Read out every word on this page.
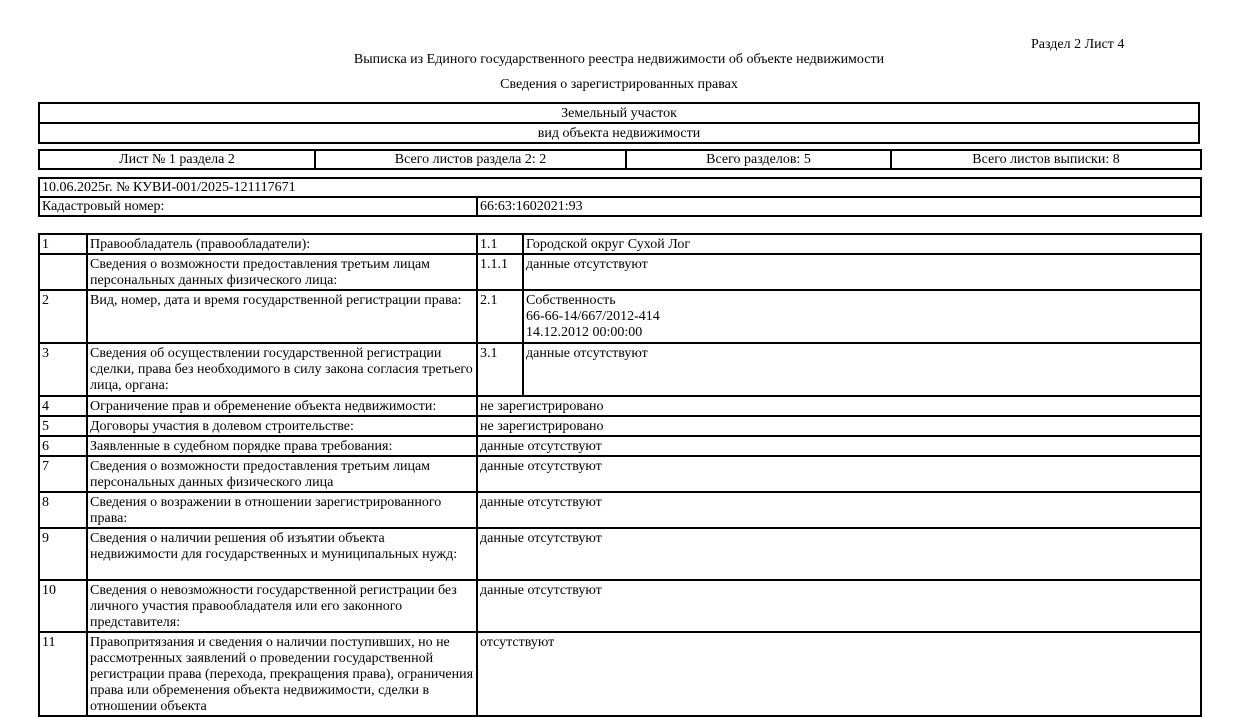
Раздел 2 Лист 4
Выписка из Единого государственного реестра недвижимости об объекте недвижимости
Сведения о зарегистрированных правах
Земельный участок
вид объекта недвижимости
Лист № 1 раздела 2	Всего листов раздела 2: 2	Всего разделов: 5	Всего листов выписки: 8
10.06.2025г. № КУВИ-001/2025-121117671
Кадастровый номер:	66:63:1602021:93
1	Правообладатель (правообладатели):	1.1	Городской округ Сухой Лог
	Сведения о возможности предоставления третьим лицам персональных данных физического лица:	1.1.1	данные отсутствуют
2	Вид, номер, дата и время государственной регистрации права:	2.1	Собственность
66-66-14/667/2012-414
14.12.2012 00:00:00

3	Сведения об осуществлении государственной регистрации сделки, права без необходимого в силу закона согласия третьего лица, органа:	3.1	данные отсутствуют
4	Ограничение прав и обременение объекта недвижимости:	не зарегистрировано	
5	Договоры участия в долевом строительстве:	не зарегистрировано	
6	Заявленные в судебном порядке права требования:	данные отсутствуют	
7	Сведения о возможности предоставления третьим лицам персональных данных физического лица	данные отсутствуют	
8	Сведения о возражении в отношении зарегистрированного права:	данные отсутствуют	
9	Сведения о наличии решения об изъятии объекта недвижимости для государственных и муниципальных нужд:	данные отсутствуют	
10	Сведения о невозможности государственной регистрации без личного участия правообладателя или его законного представителя:	данные отсутствуют	
11	Правопритязания и сведения о наличии поступивших, но не рассмотренных заявлений о проведении государственной регистрации права (перехода, прекращения права), ограничения права или обременения объекта недвижимости, сделки в отношении объекта	отсутствуют	
